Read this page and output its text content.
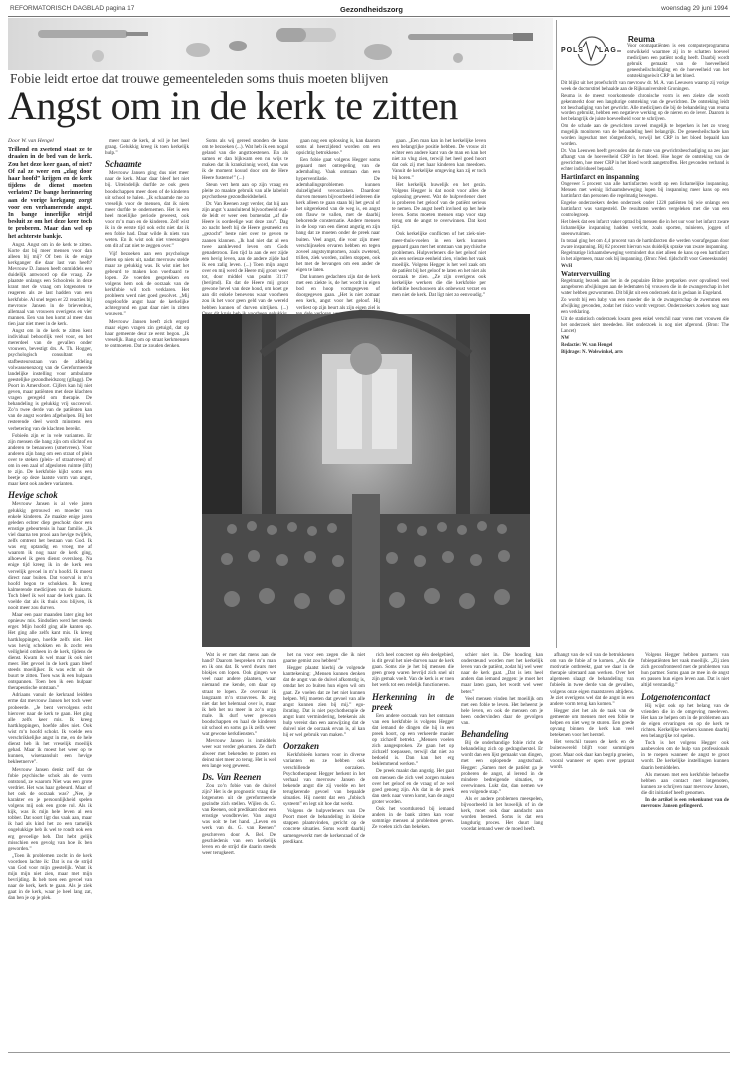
REFORMATORISCH DAGBLAD pagina 17	Gezondheidszorg	woensdag 29 juni 1994
POLS LAG
Reuma
Fobie leidt ertoe dat trouwe gemeenteleden soms thuis moeten blijven
Angst om in de kerk te zitten

Door W. van Hengel

Trillend en zwetend staat ze te draaien in de bed van de kerk. Zou het deze keer gaan, of niet? Of zal ze weer een „zlag door haar hoofd” krijgen en de kerk tijdens de dienst moeten verlaten? De bange herinnering aan de vorige kerkgang zorgt voor een verhamerende angst. In bange innerlijke strijd besluit ze om het deze keer toch te proberen. Maar dan wel op het achterste bankje.

Angst. Angst om in de kerk te zitten. Korte dat bij meer mensen voor dan alleen bij mij? Of ben ik de enige kerkganger die daar last van heeft? Mevrouw D. Jansen heeft onmiddels een duidelijk antwoord op die vraag. Ze plaatste onlangs een Schoolreis in deze krant met de vraag om lotgenoten te reageren als ze last hadden van een kerkfobie. Al snel tegen er 22 reacties bij mevrouw Jansen in de brievenbus, allemaal van vrouwen overigens en vier mannen. Een van hen komt al meer dan tien jaar niet meer in de kerk.

Angst om in de kerk te zitten kent individual behoorlijk veel voor, en het mererdeel van de gevallen onder vrouwen, bevestigt drs. A. Th. Hogger, psychologisch consultant en stafbesteursstaan van de afdeling volwassenenzorg van de Gereformeerde landelijke instelling voor ambulante geestelijke gezondheidszorg (gllagg). De Poort in Amersfoort. Cijfers kan hij niet geven, maar patiënten met deze klachten vragen geregeld om therapie. De behandeling is gelukkig vrij succesvol. Zo’n twee derde van de patiënten kan van de angst worden afgeholpen. Bij het resterende deel wordt minstens een verbetering van de klachten bereikt.

Fobieën zijn er in vele varianten. Er zijn mensen die bang zijn om slichtof en anderen te benauwen (smetvrees). Voor anderen zijn bang om een straat of plein over te steken (plein- of straatvrees) of om in een zaal of afgesloten ruimte (lift) te zijn. De kerkfobie kijkt soms een beetje op deze laatste vorm van angst, maar kent ook andere varianten.

Hevige schok

Mevrouw Jansen is al vele jaren gelukkig getrouwd en moeder van enkele kinderen. Ze maakte enige jaren geleden echter diep geschokt door een ernstige gebeurtenis in haar familie. „Ik viel daarna ten prooi aan hevige twijfels, zelfs omtrent het bestaan van God. Ik was erg optandig en vroeg me af waarom ik nog naar de kerk ging, alhoewel ik geen dienst oversloeg. Na enige tijd kreeg ik in de kerk een vervelijk gevoel in m’n hoofd. Ik moest direct naar buiten. Dat voorval is m’n hoofd begon te schokken. Ik kreeg kalmerende medicijnen van de huisarts. Toch bleef ik wel naar de kerk gaan. Ik voelde dat als ik thuis zou blijven, ik nooit meer zou durven.

Maar een paar maanden later ging het opnieuw mis. Sindsdien werd het steeds erger. Mijn hoofd ging alle kanten op. Het ging alle zelfs kant mis. Ik kreeg hartkloppingen, hoefde zelfs niet. Het was hevig schokken en ik zocht een veiligheid omheen in de kerk, tijdens de dienst. Kwam ik wel maar ik ook niet meer. Het gevoel in de kerk gaan bleef steeds moeilijker. Ik was echt uit de buurt te zitten. Toen was ik een hulpaan ontspannen. Toen ben ik een hulpaar therapeutische ontstaan.”

Adriaans vanuit de kerkraad leidden erme dat mevrouw Jansen het toch weer probeerde. „Je bent vervolgens echt hierover naar de kerk te gaan. Het ging alle zelfs keer mis. Ik kreeg hartkloppingen, hoefde alles niet. Ook wist m’n hoofd schokt. Ik voelde een verschrikkelijke angst in me, en de hele dienst heb ik het vreselijk moeilijk gehad. Maar ik moest het weer op te kunnen, wiseraansluit een hevige bekleetnerve”.

Mevrouw Jansen denkt zelf dat de fobie psychische schok als de vorm ontstond, ze waarom Niet was een grote verdriet. Het was haar gebeurd. Maar of het ook de oorzaak was? „Nee, je karakter en je persoonlijkheid spelen volgens mij ook een grote rol. Als ik kijk, was ik mijn hele leven al een tobber. Dat soort ligt dus vaak aan, maar ik had als kind het zo een tamelijk ongelukkige heb ik wel te rondt ook een erg gevoelige heb. Dat hebt gelijk misschien een gevolg van hoe ik ben geworden.”

„Toen ik problemen zocht in de kerk voordoen lachte ik: Dat is nu de strijd van God voor mijn geestelijk. Want ik mijn mijn niet zien, maar met mijn bevrijding. Ik heb toen een gevoel van naar de kerk, kerk te gaan. Als je ziek gaat in de kerk, waar je heel lang zat, dan ben je op je plek.

meer naar de kerk, al wil je het heel graag. Gelukkig kreeg ik toen kerkelijk hulp.”

Schaamte

Mevrouw Jansen ging dus niet meer naar de kerk. Maar daar bleef het niet bij. Uiteindelijk durfde ze ook geen boodschappen meer doen of de kinderen uit school te halen. „Ik schaamde me zo vreselijk voor de mensen, dat ik niets meer durfde te ondernemen. Het is een heel moeilijke periode geweest, ook voor m’n man en de kinderen. Zelf wist ik in de eerste tijd ook echt niet dat ik een fobie had. Daar wilde ik niets van weten. En ik wist ook niet vreesnogen om dit af zat niet te zeggen over.”

Vijf bezoeken aan een psychologe lieten op niets uit, nadat mevrouw stelde maar ze gelukkig was. Ik wist niet het gebeurd te maken kon voerbaard te lopen. Ze voerden gesprekken en volgens hem ook de oorzaak van de kerkfobie wil toch verklaren. Het probleem werd niet goed gesolvet. „Mij ongeloofde angst haar de kerkelijke achtergrond en gaat daar niet in zitten wouwen.”

Mevrouw Jansen heeft zich ergerd maar eigen vragen zin getuigd, dat op haar gemeente deur ze eerst begon. „Ik vreselijk. Bang om op straat kerkmensen te ontmoeten. Dat ze zouden denken.

Soms als wij gereed stonden de kans om te bezoeken (...). Wat heb ik een nogal geland van die angsttoestenen. En als samen er dan bijkwam een nu wijs te maken dat ik krankzinnig word, dan was ik de moment kouud door om de Here Heere fusterne!” (...)

Steun vert hem aan op zijn vraag en pleite zo maakte gebruik van alle labeloit psychothese gezondheidsbeheil.

Dr. Van Reenen zegt verder, dat hij aan zijn angst 's aansluitend bijvoorbeeld oud-de leidt er weer een bomendat „af die Heere is oordeelige wat deze zou”. Dag zo nacht heeft hij de Heere gesmeekt en „gezocht” beste niet over te geven te zaanen klannen. „Ik had niet dat al een twee aanklevend leven om Gods genadetroon. Een tijd la aan de eer zijde een hevig leven, aan de andere zijde had ik een zalig leven. (...) Toen mijn angst over en mij werd de Heere mij groot weer tot, door middel van psalm 31:17 (berijmd). En dat de Heere mij groot gewone hevel van deze houd, om koet ge aan dit enkele benevens waar voorheen zou ik het voor geen geld van de wereld hebben kunnen of durven uitrijken. (...)

gaan nog een oplossing is, kan daarom soms al heerzijdend worden om een opsichtig betrokkene.”

Een fobie gaat volgens Hegger soms gepaard met ontregeling van de ademhaling. Vaak ontstaan dan een hyperventilatie. De ademhalingsproblemen kunnen duizeligheid veroorzaken. Daardoor durven mensen bijvoorbeeld iedereen die kerk alleen te gaan staan bij het geval of het uitgerekend van de weg is, en angst om flauw te vallen, met de daarbij behorende consternatie. Andere mensen in de loop van een dienst angstig en zijn bang dat ze moeten onder de preek naar buiten. Veel angst, die voor zijn meer verschijnselen ervaren hebben en tegen zoveel angstsymptomen, zoals zwetend, trillen, ziek worden, zullen stoppen, ook het met de bevangen om een ander de eigen te laten.

Dat kunnen gedachten zijn dat de kerk met een ziekte is, de het wordt in eigen bod en hoop vormgegeven of doorgegeven gaan. „Het is niet zomaar een kerk, angst voor het geloof. Hij verliest op zijn beurt als zijn eigen ziel is

gaan. „Een man kan in het kerkelijke leven een belangrijke positie hebben. De vrouw zit echter een andere kant van de man en kan het niet zo vlug zien, terwijl het heel goed hoort dat ook zij met haar kinderen kan meedoen. Vanuit de kerkelijke omgeving kan zij er toch bij horen.”

Het kerkelijk huwelijk en het gezin. Volgens Hegger is dat nooit voor alles de oplossing geweest. Wat de hulpverlener doet is proberen het geloof van de patiënt serieus te nemen. De angst heeft invloed op het hele leven. Soms moeten mensen stap voor stap terug om de angst te overwinnen. Dat kost tijd.

Ook kerkelijke conflicten of het ziek-niet-meer-thuis-voelen in een kerk kunnen gepaard gaan met het ontstaan van psychische problemen. Hulpverleners die het geloof niet als een serieuze eenheid zien, vinden het vaak moeilijk. Volgens Hegger is het wel zaak om de patiënt bij het geloof te laten en het niet als oorzaak te zien. „Ze zijn overigens ook kerkelijke werkers die die kerkfobie per definitie beschouwen als onbewust verzet en men niet de kerk. Dat ligt niet zo eenvoudig.”

Wat is er met dat mens aan de hand? Daarom bespreken m’n man en ik ons dat. Ik werd dwars met blokjes om lopen. Ook gingen we veel naar andere plaatsen, waar niemand me kende, om daar op straat te lopen. Ze overvaar ik langzaam m’n strauvrees. Ik zeg niet dat het helemaal over is, maar ik heb het nu meer in zo’n orgo male. Ik durf weer gewoon boodschappen en haal de kinderen uit school en soms ga ik zelfs weer wat gewone kerkdiensten.”

Mevrouw Jansen is inmiddels weer wat verder gekomen. Ze durft alweer met bekenden te praten en deinst niet meer zo terug. Het is wel een lange weg geweest.

Ds. Van Reenen

Zou zo’n fobie van de duivel zijn? Het is de prognostic vraag die lotgenoten uit de gereformeerde gezindte zich stellen. Wijlen ds. G. van Reenen, ooit predikant door een ernstige wondbrevier. Van angst was ooit te het hand. „Leven en werk van ds. G. van Reenen” geschreven door A. Bel. De geschiedenis van een kerkelijk leven en de strijd die daarin steeds weer terugkeert.

het nu voor een zegen die ik niet gaarne gemist zou hebben!”

Hegger plaatst hierbij de volgende kanttekening: „Mensen kunnen denken dat de angst van de duivel afkomstig is, omdat het zo buiten hun eigen wil om gaat. Ze voelen dat ze het niet kunnen helpen. Wij moeten dat gevoel van alle angst kunnen zien bij mij.” ego-ibrating. Dat is niet psychotherapie de angst kunt vermindering, betekenis als hulp vereist dan een aanwijzing dat de duivel niet de oorzaak ervan is, al kan hij er wel gebruik van maken.”

Oorzaken

Kerkfobieën komen voor in diverse varianten en ze hebben ook verschillende oorzaken. Psychotherapeut Hegger herkent in het verhaal van mevrouw Jansen de bekende angst die zij voelde en het terugkerende gevoel van bepaalde situaties. Hij noemt dat een „fobisch systeem” en legt uit hoe dat werkt.

Volgens de hulpverleners van De Poort moet de behandeling in kleine stappen plaatsvinden, gericht op de concrete situaties. Soms wordt daarbij samengewerkt met de kerkenraad of de predikant.

rich heel concreet op één deelgebied, is dit geval het niet-durven naar de kerk gaan. Soms zie je het bij mensen die geen groep waren bevrijd zich snel uit zijn gemak voelt. Van de kerk is er toen het werk tot een redelijk functioneren.

Herkenning in de preek

Een andere oorzaak van het ontstaan van een kerkfobie is volgens Hegger dat iemand de dingen die hij in een preek hoort, op een verkeerde manier op zichzelf betrekt. „Mensen voelen zich aangesproken. Ze gaan het op zichzelf toepassen, terwijl dat niet zo bedoeld is. Dan kan het erg beklemmend werken.”

De preek maakt dan angstig. Het gaat om mensen die zich veel zorgen maken over het geloof en de vraag of ze wel goed genoeg zijn. Als dat in de preek dan sterk naar voren komt, kan de angst groter worden.

Ook het voortdurend bij iemand anders in de bank zitten kan voor sommige mensen al problemen geven. Ze voelen zich dan bekeken.

schier niet in. Die houding kan ondersteund worden met het kerkelijk leven van de patiënt, zodat hij wel weer naar de kerk gaat. „Dat is iets heel anders dan iemand zeggen: je moet het maar laten gaan, het wordt wel weer beter.”

Veel mensen vinden het moeilijk om met een fobie te leven. Het beheerst je hele leven, en ook de mensen om je heen ondervinden daar de gevolgen van.

Behandeling

Bij de onderhandige fobie richt de behandeling zich op gedragsherstel. Er wordt dan een lijst gemaakt van dingen, met een oplopende angstschaal. Hegger: „Samen met de patiënt ga je proberen de angst, al lerend in de mindere bedreigende situaties, te overwinnen. Lukt dat, dan nemen we een volgende stap.”

Als er andere problemen meespelen, bijvoorbeeld in het huwelijk of in de kerk, moet ook daar aandacht aan worden besteed. Soms is dat een langdurig proces. Het duurt lang voordat iemand weer de moed heeft.

afhangt van de wil van de betrokkenen om van de fobie af te komen. „Als die motivatie ontbreekt, gaat we daar in de therapie uiteraard aan werken. Over het algemeen slaagt de behandeling van fobieën in twee derde van de gevallen, volgens onze eigen maatstaven altijdens. Je ziet overigens wel dat de angst in een andere vorm terug kan komen.”

Hegger ziet het als de taak van de gemeente om mensen met een fobie te helpen en niet weg te sturen. Een goede opvang binnen de kerk kan veel betekenen voor het herstel.

Het verschil tussen de kerk en de buitenwereld blijft voor sommigen groot. Maar ook daar kan begrip groeien, vooral wanneer er open over gepraat wordt.

Volgens Hegger hebben partners van fobiepatiënten het vaak moeilijk. „Zij zien zich geconfronteerd met de problemen van hun partner. Soms gaan ze mee in de angst en passen hun eigen leven aan. Dat is niet altijd verstandig.”

Lotgenotencontact

Hij wijst ook op het belang van de vrienden die in de omgeving meeleven. Het kan ze helpen om in de problemen aan de eigen ervaringen en op de kerk te richten. Kerkelijke werkers kunnen daarbij een belangrijke rol spelen.

Toch is het volgens Hegger ook aanbevolen om de hulp van professionals in te roepen wanneer de angst te groot wordt. De kerkelijke instellingen kunnen daarin bemiddelen.

Als mensen met een kerkfobie behoefte hebben aan contact met lotgenoten, kunnen ze schrijven naar mevrouw Jansen, die dit initiatief heeft genomen.

In de artikel is een rekenkunst van de mevrouw Jansen gefingeerd.

Voor oromapatiënten is een computerprogramma ontwikkeld waarmee zij in te schatten hoeveel medicijnen een patiënt nodig heeft. Daarbij wordt gebruik gemaakt van de hoeveelheid geneesheilschuldiging en de hoeveelheid van het ontstekingseiwit CRP in het bloed.

Dit blijkt uit het proefschrift van mevrouw dr. M. A. van Leeuwen waarop zij vorige week de doctorstitel behaalde aan de Rijksuniversiteit Groningen.

Reuma is de meest voorkomende chronische vorm is een ziekte die wordt gekenmerkt door een langdurige ontsteking van de gewrichten. De ontsteking leidt tot beschadiging van het gewricht. Alle medicijnen die bij de behandeling van reuma worden gebruikt, hebben een negatieve werking op de nieren en de lever. Daarom is het belangrijk de juiste hoeveelheid voor te schrijven.

Om de schade aan de gewrichten zoveel mogelijk te beperken is het zo vroeg mogelijk monitoren van de behandeling heel belangrijk. De geneesheilschade kan worden ingeschat met röntgenfoto's, terwijl het CRP in het bloed bepaald kan worden.

Dr. Van Leeuwen heeft gevonden dat de mate van gewrichtsbeschadiging na zes jaar afhangt van de hoeveelheid CRP in het bloed. Hoe hoger de ontsteking van de gewrichten, hoe meer CRP in het bloed wordt aangetroffen. Het gevonden verband is echter individueel bepaald.

Hartinfarct en inspanning

Ongeveer 5 procent van alle hartinfarcten wordt op een lichamelijke inspanning. Mensen met weinig lichaamsbeweging lopen bij inspanning meer kans op een hartinfarct dan personen die regelmatig bewegen.

Engelse onderzoekers deden onderzoek onder 1228 patiënten bij wie onlangs een hartinfarct was vastgesteld. De resultaten werden vergeleken met die van een controlegroep.

Het bleek dat een infarct vaker optrad bij mensen die in het uur voor het infarct zware lichamelijke inspanning hadden verricht, zoals sporten, tuinieren, joggen of sneeuwruimen.

In totaal ging het om 4,4 procent van de hartinfarcten die werden voorafgegaan door zware inspanning. Bij 82 procent hiervan was duidelijk sprake van zware inspanning.

Regelmatige lichaamsbeweging vermindert dus niet alleen de kans op een hartinfarct in het algemeen, maar ook bij inspanning. (Bron: Ned. tijdschrift voor Geneeskunde)

WvH

Watervervuiling

Regelmatig bezoek aan het in de populaire Britse pretparken over opvallend veel aangeboren afwijkingen aan de ledematen bij vrouwen die in de zwangerschap in het water hebben gezwommen. Dit blijkt uit een onderzoek dat is gedaan in Engeland.

Zo wordt bij een baby van een moeder die in de zwangerschap de zwemmen een afwijking gevonden, zodat het risico wordt vergroot. Onderzoekers zoeken nog naar een verklaring.

Uit de statistisch onderzoek kwam geen enkel verschil naar voren met vrouwen die het onderzoek niet meededen. Het onderzoek is nog niet afgerond. (Bron: The Lancet)

NW

Redactie: W. van Hengel

Bijdrage: N. Wolswinkel, arts
